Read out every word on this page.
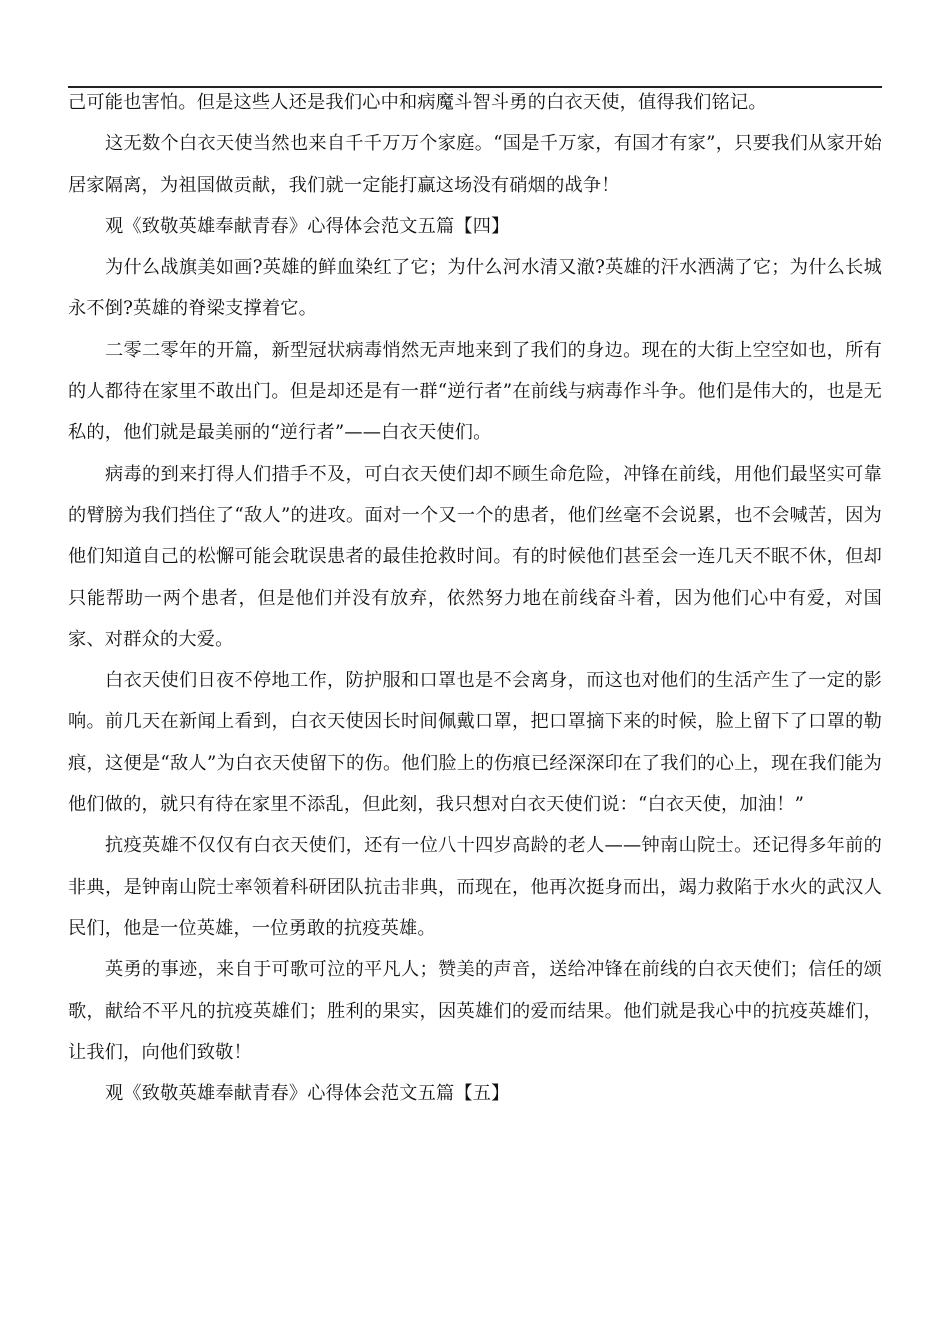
己可能也害怕。但是这些人还是我们心中和病魔斗智斗勇的白衣天使，值得我们铭记。

这无数个白衣天使当然也来自千千万万个家庭。“国是千万家，有国才有家”，只要我们从家开始居家隔离，为祖国做贡献，我们就一定能打赢这场没有硝烟的战争！

观《致敬英雄奉献青春》心得体会范文五篇【四】

为什么战旗美如画?英雄的鲜血染红了它；为什么河水清又澈?英雄的汗水洒满了它；为什么长城永不倒?英雄的脊梁支撑着它。

二零二零年的开篇，新型冠状病毒悄然无声地来到了我们的身边。现在的大街上空空如也，所有的人都待在家里不敢出门。但是却还是有一群“逆行者”在前线与病毒作斗争。他们是伟大的，也是无私的，他们就是最美丽的“逆行者”——白衣天使们。

病毒的到来打得人们措手不及，可白衣天使们却不顾生命危险，冲锋在前线，用他们最坚实可靠的臂膀为我们挡住了“敌人”的进攻。面对一个又一个的患者，他们丝毫不会说累，也不会喊苦，因为他们知道自己的松懈可能会耽误患者的最佳抢救时间。有的时候他们甚至会一连几天不眠不休，但却只能帮助一两个患者，但是他们并没有放弃，依然努力地在前线奋斗着，因为他们心中有爱，对国家、对群众的大爱。

白衣天使们日夜不停地工作，防护服和口罩也是不会离身，而这也对他们的生活产生了一定的影响。前几天在新闻上看到，白衣天使因长时间佩戴口罩，把口罩摘下来的时候，脸上留下了口罩的勒痕，这便是“敌人”为白衣天使留下的伤。他们脸上的伤痕已经深深印在了我们的心上，现在我们能为他们做的，就只有待在家里不添乱，但此刻，我只想对白衣天使们说：“白衣天使，加油！”

抗疫英雄不仅仅有白衣天使们，还有一位八十四岁高龄的老人——钟南山院士。还记得多年前的非典，是钟南山院士率领着科研团队抗击非典，而现在，他再次挺身而出，竭力救陷于水火的武汉人民们，他是一位英雄，一位勇敢的抗疫英雄。

英勇的事迹，来自于可歌可泣的平凡人；赞美的声音，送给冲锋在前线的白衣天使们；信任的颂歌，献给不平凡的抗疫英雄们；胜利的果实，因英雄们的爱而结果。他们就是我心中的抗疫英雄们，让我们，向他们致敬！

观《致敬英雄奉献青春》心得体会范文五篇【五】
